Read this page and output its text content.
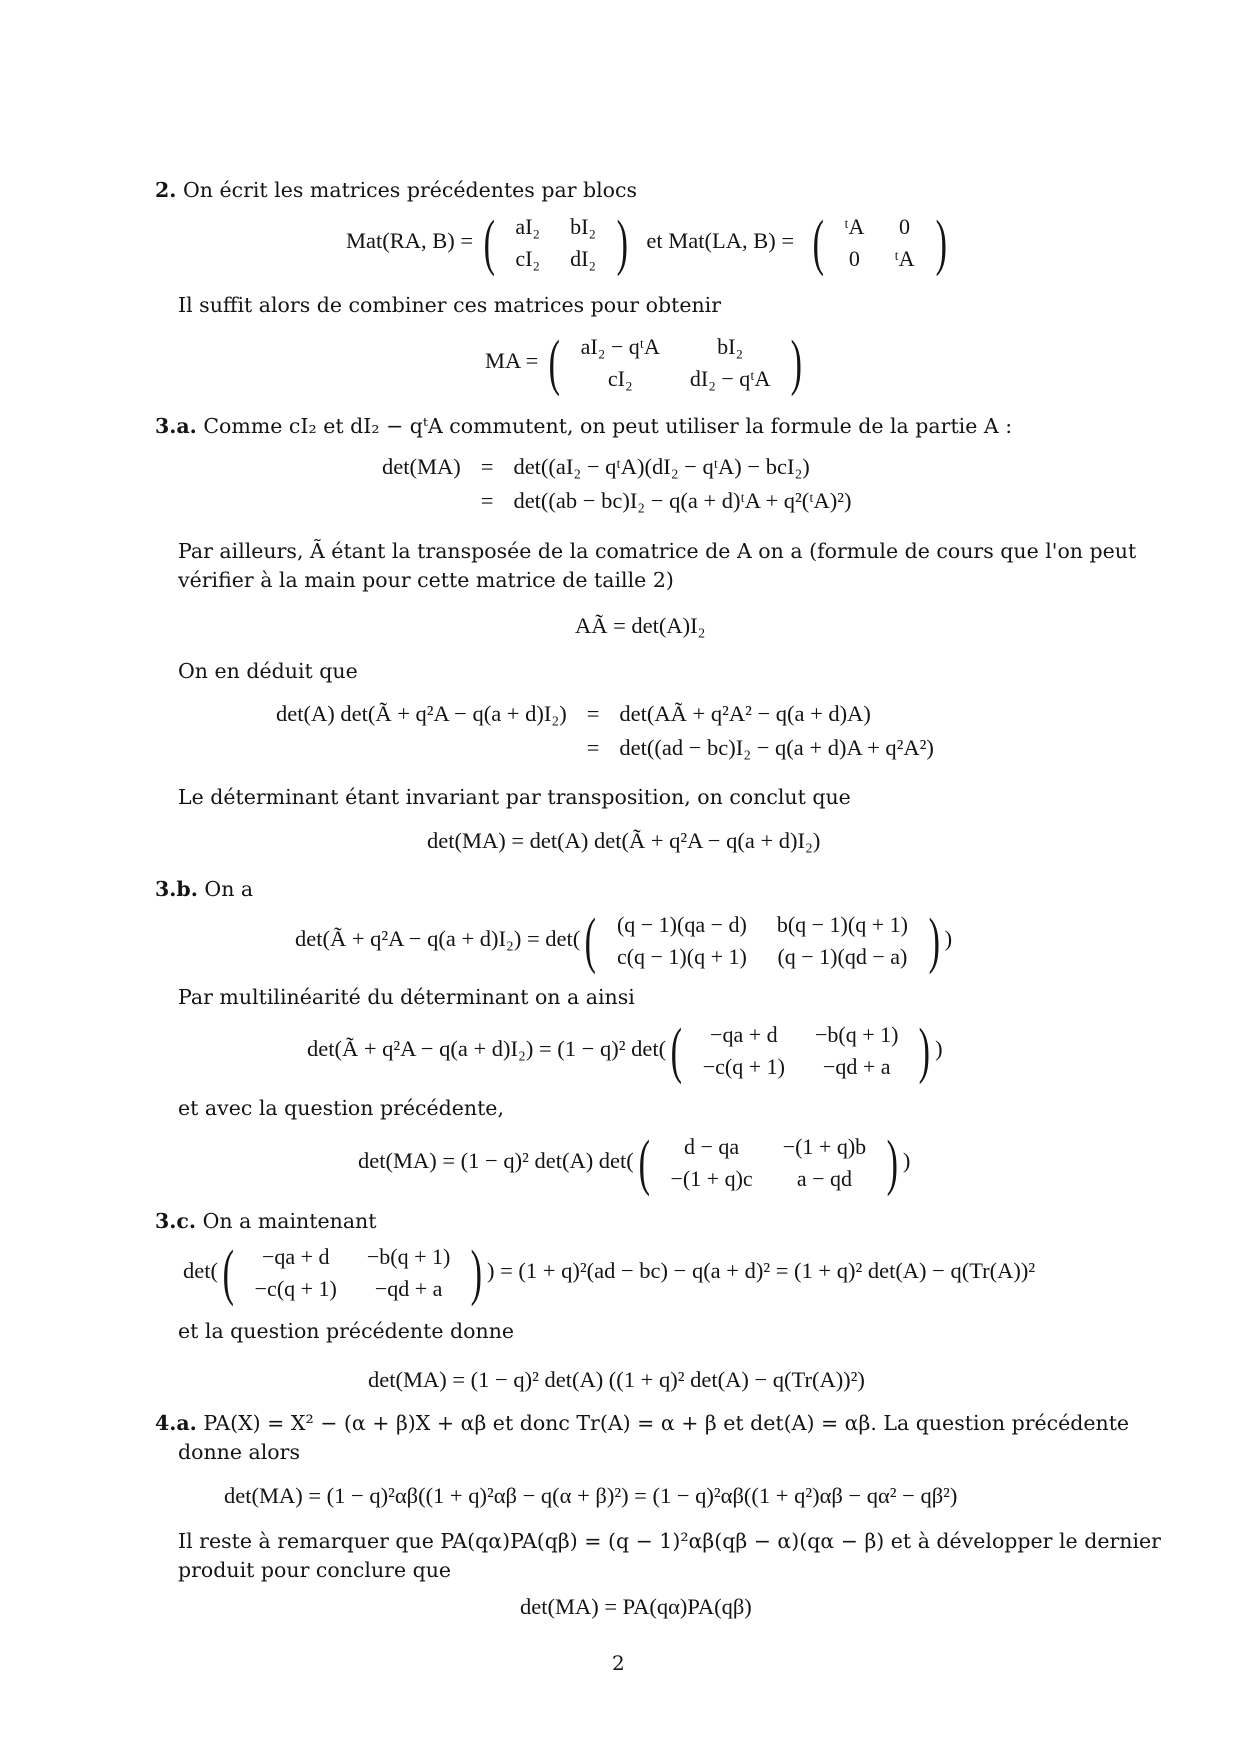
2. On écrit les matrices précédentes par blocs
Mat(RA, B) = ( aI₂	bI₂
cI₂	dI₂ ) et Mat(LA, B) = ( ᵗA	0
0	ᵗA )
Il suffit alors de combiner ces matrices pour obtenir
MA = ( aI₂ − qᵗA	bI₂
cI₂	dI₂ − qᵗA )
3.a. Comme cI₂ et dI₂ − qᵗA commutent, on peut utiliser la formule de la partie A :
det(MA)	=	det((aI₂ − qᵗA)(dI₂ − qᵗA) − bcI₂)
	=	det((ab − bc)I₂ − q(a + d)ᵗA + q²(ᵗA)²)
Par ailleurs, Ã étant la transposée de la comatrice de A on a (formule de cours que l'on peut
vérifier à la main pour cette matrice de taille 2)
AÃ = det(A)I₂
On en déduit que
det(A) det(Ã + q²A − q(a + d)I₂)	=	det(AÃ + q²A² − q(a + d)A)
	=	det((ad − bc)I₂ − q(a + d)A + q²A²)
Le déterminant étant invariant par transposition, on conclut que
det(MA) = det(A) det(Ã + q²A − q(a + d)I₂)
3.b. On a
det(Ã + q²A − q(a + d)I₂) = det(( (q − 1)(qa − d)	b(q − 1)(q + 1)
c(q − 1)(q + 1)	(q − 1)(qd − a) ) )
Par multilinéarité du déterminant on a ainsi
det(Ã + q²A − q(a + d)I₂) = (1 − q)² det(( −qa + d	−b(q + 1)
−c(q + 1)	−qd + a ) )
et avec la question précédente,
det(MA) = (1 − q)² det(A) det(( d − qa	−(1 + q)b
−(1 + q)c	a − qd ) )
3.c. On a maintenant
det(( −qa + d	−b(q + 1)
−c(q + 1)	−qd + a ) ) = (1 + q)²(ad − bc) − q(a + d)² = (1 + q)² det(A) − q(Tr(A))²
et la question précédente donne
det(MA) = (1 − q)² det(A) ((1 + q)² det(A) − q(Tr(A))²)
4.a. PA(X) = X² − (α + β)X + αβ et donc Tr(A) = α + β et det(A) = αβ. La question précédente
donne alors
det(MA) = (1 − q)²αβ((1 + q)²αβ − q(α + β)²) = (1 − q)²αβ((1 + q²)αβ − qα² − qβ²)
Il reste à remarquer que PA(qα)PA(qβ) = (q − 1)²αβ(qβ − α)(qα − β) et à développer le dernier
produit pour conclure que
det(MA) = PA(qα)PA(qβ)
2
